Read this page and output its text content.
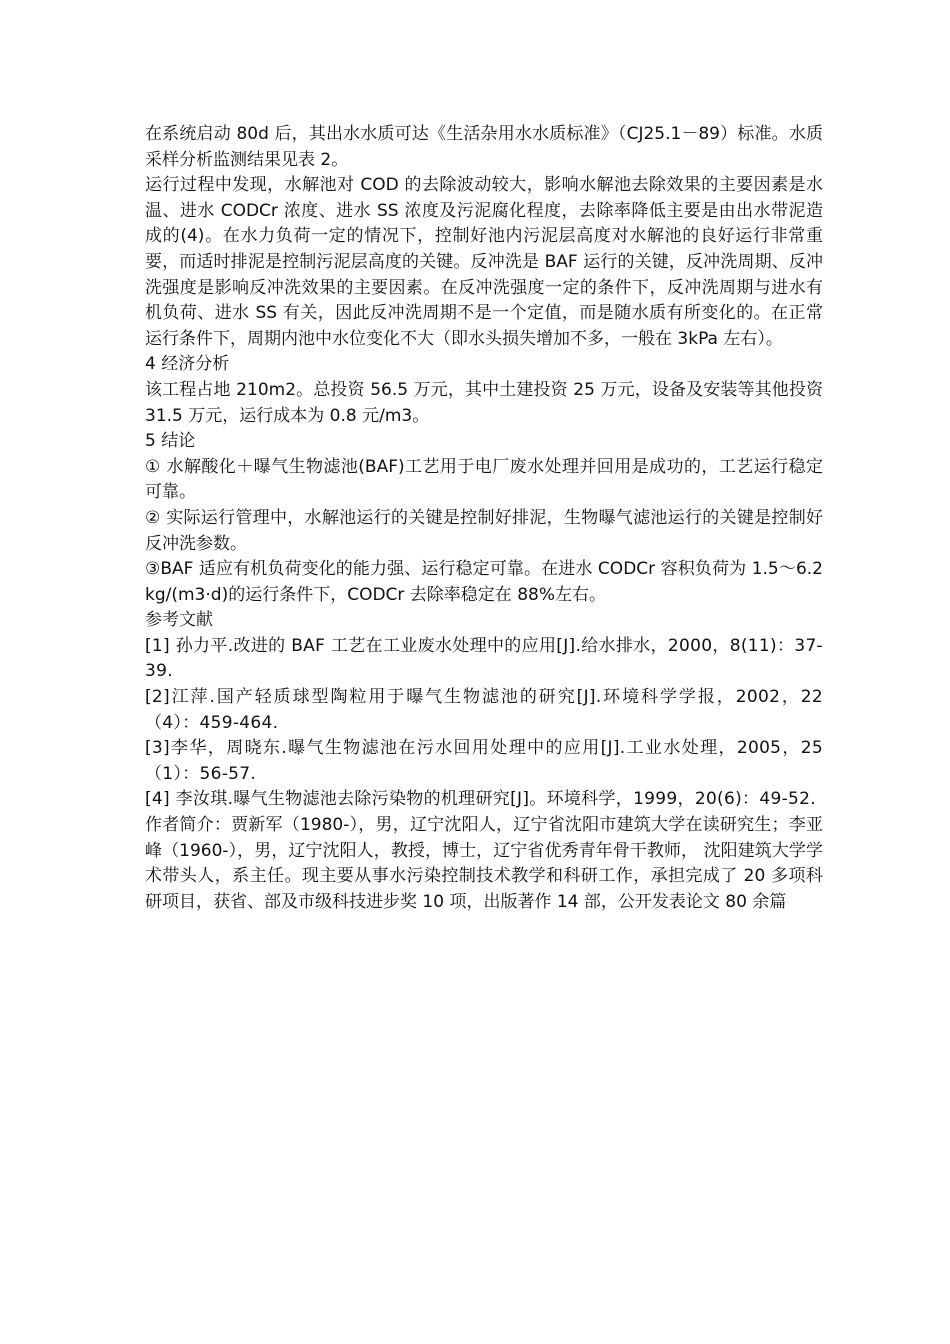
在系统启动 80d 后，其出水水质可达《生活杂用水水质标准》（CJ25.1－89）标准。水质采样分析监测结果见表 2。

运行过程中发现，水解池对 COD 的去除波动较大，影响水解池去除效果的主要因素是水温、进水 CODCr 浓度、进水 SS 浓度及污泥腐化程度，去除率降低主要是由出水带泥造成的(4)。在水力负荷一定的情况下，控制好池内污泥层高度对水解池的良好运行非常重要，而适时排泥是控制污泥层高度的关键。反冲洗是 BAF 运行的关键，反冲洗周期、反冲洗强度是影响反冲洗效果的主要因素。在反冲洗强度一定的条件下，反冲洗周期与进水有机负荷、进水 SS 有关，因此反冲洗周期不是一个定值，而是随水质有所变化的。在正常运行条件下，周期内池中水位变化不大（即水头损失增加不多，一般在 3kPa 左右）。

4 经济分析

该工程占地 210m2。总投资 56.5 万元，其中土建投资 25 万元，设备及安装等其他投资 31.5 万元，运行成本为 0.8 元/m3。

5 结论

① 水解酸化＋曝气生物滤池(BAF)工艺用于电厂废水处理并回用是成功的，工艺运行稳定可靠。

② 实际运行管理中，水解池运行的关键是控制好排泥，生物曝气滤池运行的关键是控制好反冲洗参数。

③BAF 适应有机负荷变化的能力强、运行稳定可靠。在进水 CODCr 容积负荷为 1.5～6.2 kg/(m3·d)的运行条件下，CODCr 去除率稳定在 88%左右。

参考文献

[1] 孙力平.改进的 BAF 工艺在工业废水处理中的应用[J].给水排水，2000，8(11)：37-39.

[2]江萍.国产轻质球型陶粒用于曝气生物滤池的研究[J].环境科学学报，2002，22（4）：459-464.

[3]李华，周晓东.曝气生物滤池在污水回用处理中的应用[J].工业水处理，2005，25（1）：56-57.

[4] 李汝琪.曝气生物滤池去除污染物的机理研究[J]。环境科学，1999，20(6)：49-52.

作者简介：贾新军（1980-），男，辽宁沈阳人，辽宁省沈阳市建筑大学在读研究生；李亚峰（1960-），男，辽宁沈阳人，教授，博士，辽宁省优秀青年骨干教师， 沈阳建筑大学学术带头人，系主任。现主要从事水污染控制技术教学和科研工作，承担完成了 20 多项科研项目，获省、部及市级科技进步奖 10 项，出版著作 14 部，公开发表论文 80 余篇
